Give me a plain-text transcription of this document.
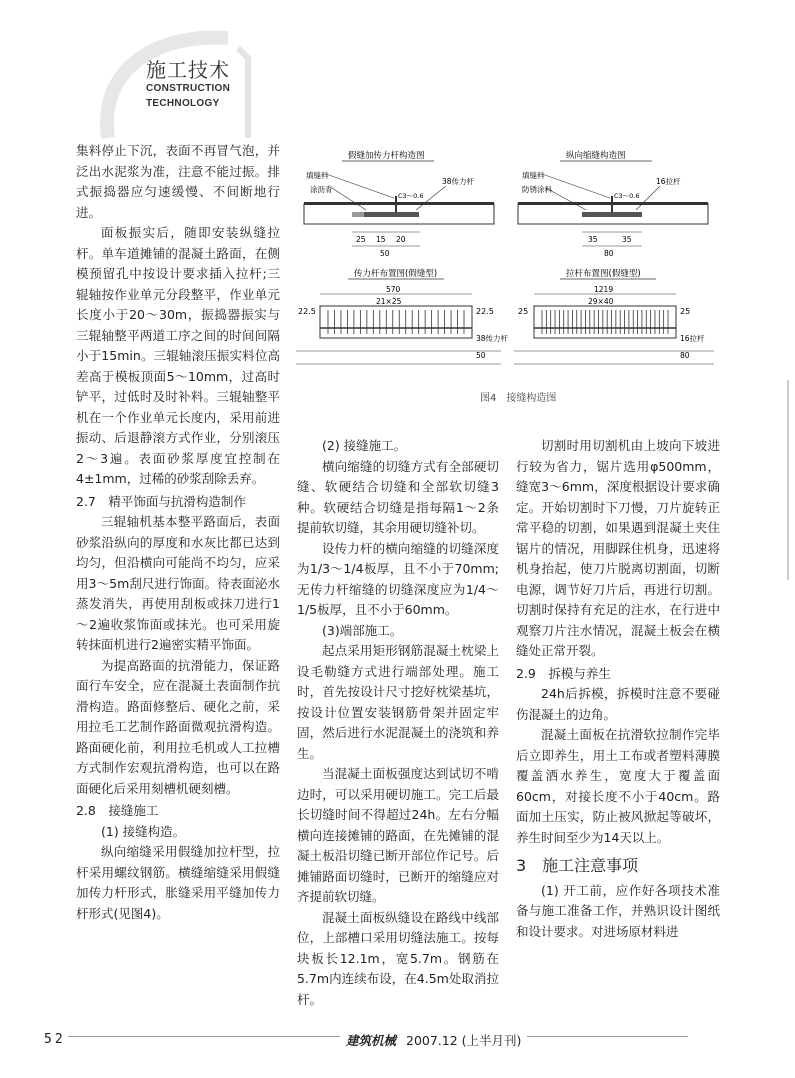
施工技术
CONSTRUCTION
TECHNOLOGY

集料停止下沉，表面不再冒气泡，并泛出水泥浆为准，注意不能过振。排式振捣器应匀速缓慢、不间断地行进。

面板振实后，随即安装纵缝拉杆。单车道摊铺的混凝土路面，在侧模预留孔中按设计要求插入拉杆;三辊轴按作业单元分段整平，作业单元长度小于20～30m，振捣器振实与三辊轴整平两道工序之间的时间间隔小于15min。三辊轴滚压振实料位高差高于模板顶面5～10mm，过高时铲平，过低时及时补料。三辊轴整平机在一个作业单元长度内，采用前进振动、后退静滚方式作业，分别滚压2～3遍。表面砂浆厚度宜控制在4±1mm，过稀的砂浆刮除丢弃。

2.7　精平饰面与抗滑构造制作

三辊轴机基本整平路面后，表面砂浆沿纵向的厚度和水灰比都已达到均匀，但沿横向可能尚不均匀，应采用3～5m刮尺进行饰面。待表面泌水蒸发消失，再使用刮板或抹刀进行1～2遍收浆饰面或抹光。也可采用旋转抹面机进行2遍密实精平饰面。

为提高路面的抗滑能力，保证路面行车安全，应在混凝土表面制作抗滑构造。路面修整后、硬化之前，采用拉毛工艺制作路面微观抗滑构造。路面硬化前，利用拉毛机或人工拉槽方式制作宏观抗滑构造，也可以在路面硬化后采用刻槽机硬刻槽。

2.8　接缝施工

(1) 接缝构造。

纵向缩缝采用假缝加拉杆型，拉杆采用螺纹钢筋。横缝缩缝采用假缝加传力杆形式，胀缝采用平缝加传力杆形式(见图4)。

假缝加传力杆构造图
填缝料
涂沥青
38传力杆
C3～0.6
25 15 20
50
传力杆布置图(假缝型)
570
22.5	22.5
21×25
38传力杆
50
纵向缩缝构造图
填缝料
防锈涂料
16拉杆
C3～0.6
35	35
80
拉杆布置图(假缝型)
1219
25	25
29×40
16拉杆
80
图4　接缝构造图

(2) 接缝施工。

横向缩缝的切缝方式有全部硬切缝、软硬结合切缝和全部软切缝3种。软硬结合切缝是指每隔1～2条提前软切缝，其余用硬切缝补切。

设传力杆的横向缩缝的切缝深度为1/3～1/4板厚，且不小于70mm;无传力杆缩缝的切缝深度应为1/4～1/5板厚，且不小于60mm。

(3)端部施工。

起点采用矩形钢筋混凝土枕梁上设毛勒缝方式进行端部处理。施工时，首先按设计尺寸挖好枕梁基坑，按设计位置安装钢筋骨架并固定牢固，然后进行水泥混凝土的浇筑和养生。

当混凝土面板强度达到试切不啃边时，可以采用硬切施工。完工后最长切缝时间不得超过24h。左右分幅横向连接摊铺的路面，在先摊铺的混凝土板沿切缝已断开部位作记号。后摊铺路面切缝时，已断开的缩缝应对齐提前软切缝。

混凝土面板纵缝设在路线中线部位，上部槽口采用切缝法施工。按每块板长12.1m，宽5.7m。钢筋在5.7m内连续布设，在4.5m处取消拉杆。

切割时用切割机由上坡向下坡进行较为省力，锯片选用φ500mm，缝宽3～6mm，深度根据设计要求确定。开始切割时下刀慢，刀片旋转正常平稳的切割，如果遇到混凝土夹住锯片的情况，用脚踩住机身，迅速将机身抬起，使刀片脱离切割面，切断电源，调节好刀片后，再进行切割。切割时保持有充足的注水，在行进中观察刀片注水情况，混凝土板会在横缝处正常开裂。

2.9　拆模与养生

24h后拆模，拆模时注意不要碰伤混凝土的边角。

混凝土面板在抗滑软拉制作完毕后立即养生，用土工布或者塑料薄膜覆盖洒水养生，宽度大于覆盖面60cm，对接长度不小于40cm。路面加土压实，防止被风掀起等破坏，养生时间至少为14天以上。

3　施工注意事项

(1) 开工前，应作好各项技术准备与施工准备工作，并熟识设计图纸和设计要求。对进场原材料进

52	建筑机械 2007.12 (上半月刊)
